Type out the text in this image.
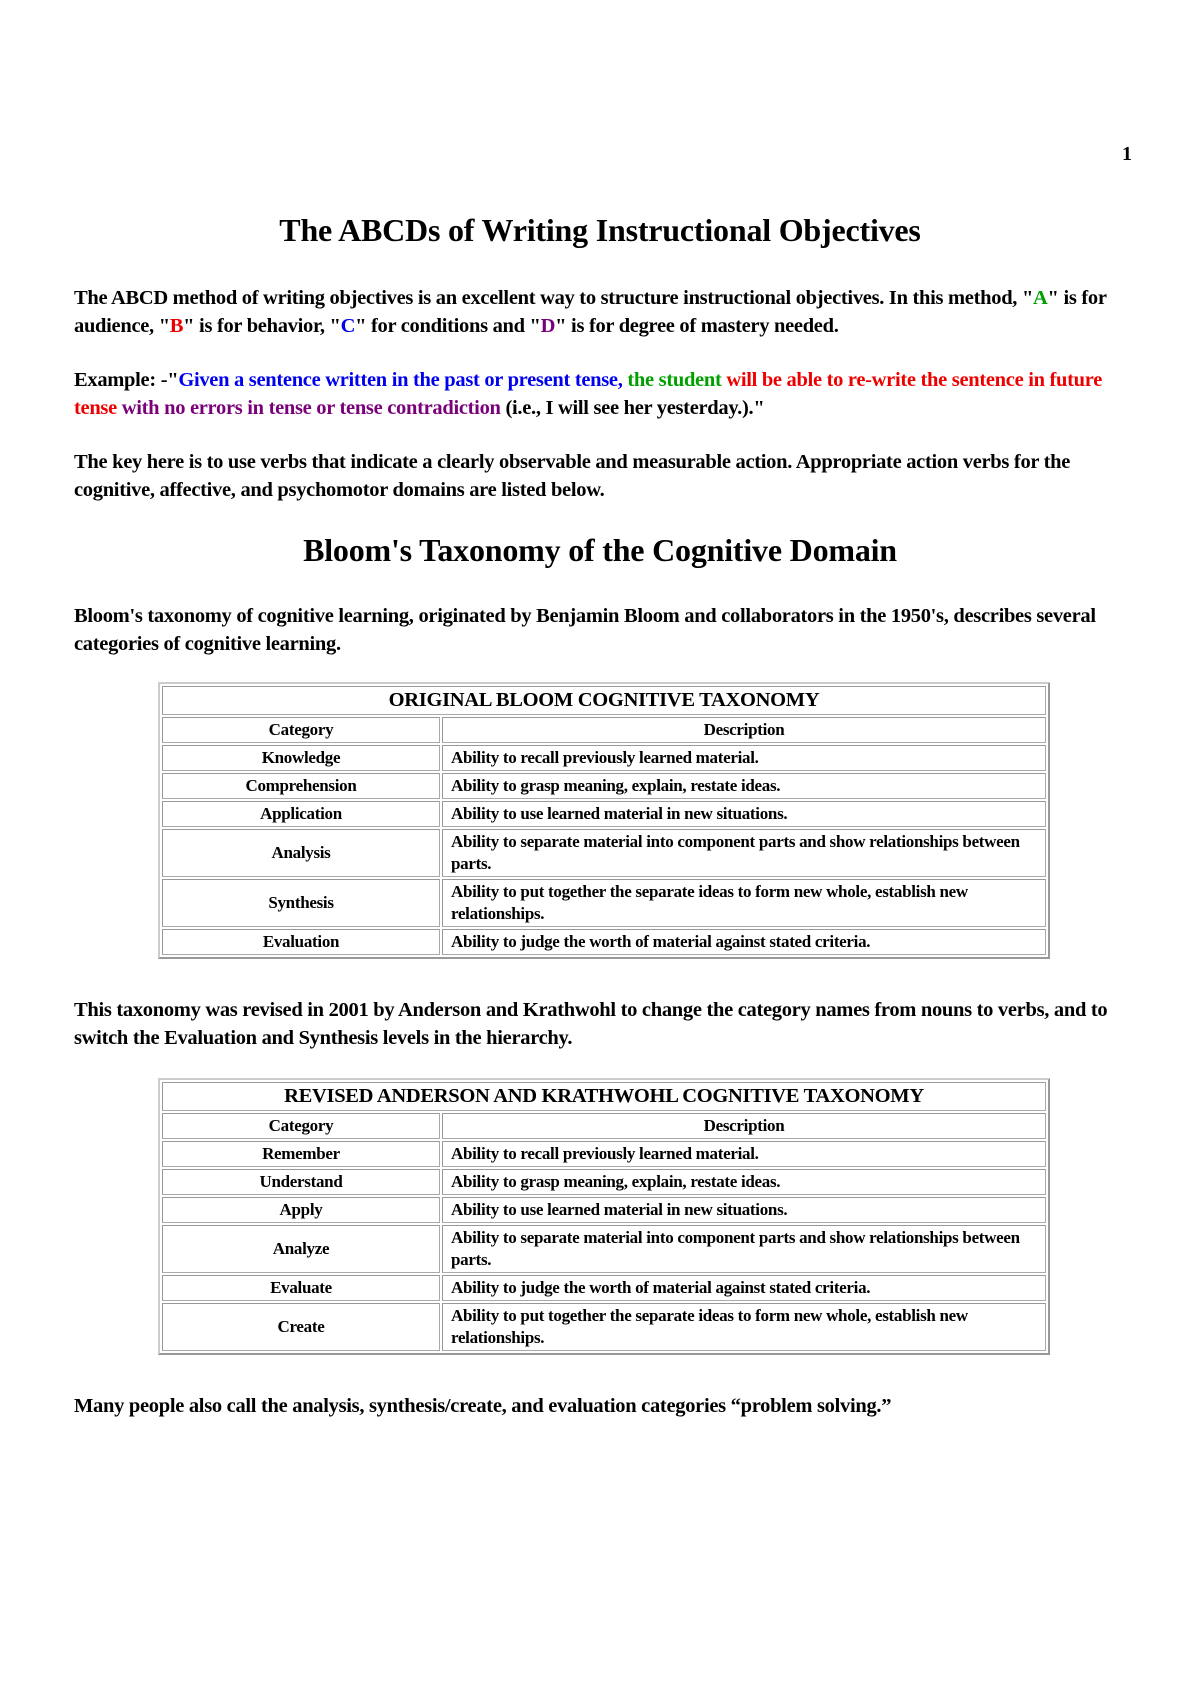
1
The ABCDs of Writing Instructional Objectives

The ABCD method of writing objectives is an excellent way to structure instructional objectives. In this method, "A" is for audience, "B" is for behavior, "C" for conditions and "D" is for degree of mastery needed.

Example: -"Given a sentence written in the past or present tense, the student will be able to re-write the sentence in future tense with no errors in tense or tense contradiction (i.e., I will see her yesterday.)."

The key here is to use verbs that indicate a clearly observable and measurable action. Appropriate action verbs for the cognitive, affective, and psychomotor domains are listed below.

Bloom's Taxonomy of the Cognitive Domain

Bloom's taxonomy of cognitive learning, originated by Benjamin Bloom and collaborators in the 1950's, describes several categories of cognitive learning.

ORIGINAL BLOOM COGNITIVE TAXONOMY	
Category	Description
Knowledge	Ability to recall previously learned material.
Comprehension	Ability to grasp meaning, explain, restate ideas.
Application	Ability to use learned material in new situations.
Analysis	Ability to separate material into component parts and show relationships between parts.
Synthesis	Ability to put together the separate ideas to form new whole, establish new relationships.
Evaluation	Ability to judge the worth of material against stated criteria.

This taxonomy was revised in 2001 by Anderson and Krathwohl to change the category names from nouns to verbs, and to switch the Evaluation and Synthesis levels in the hierarchy.

REVISED ANDERSON AND KRATHWOHL COGNITIVE TAXONOMY	
Category	Description
Remember	Ability to recall previously learned material.
Understand	Ability to grasp meaning, explain, restate ideas.
Apply	Ability to use learned material in new situations.
Analyze	Ability to separate material into component parts and show relationships between parts.
Evaluate	Ability to judge the worth of material against stated criteria.
Create	Ability to put together the separate ideas to form new whole, establish new relationships.

Many people also call the analysis, synthesis/create, and evaluation categories “problem solving.”
